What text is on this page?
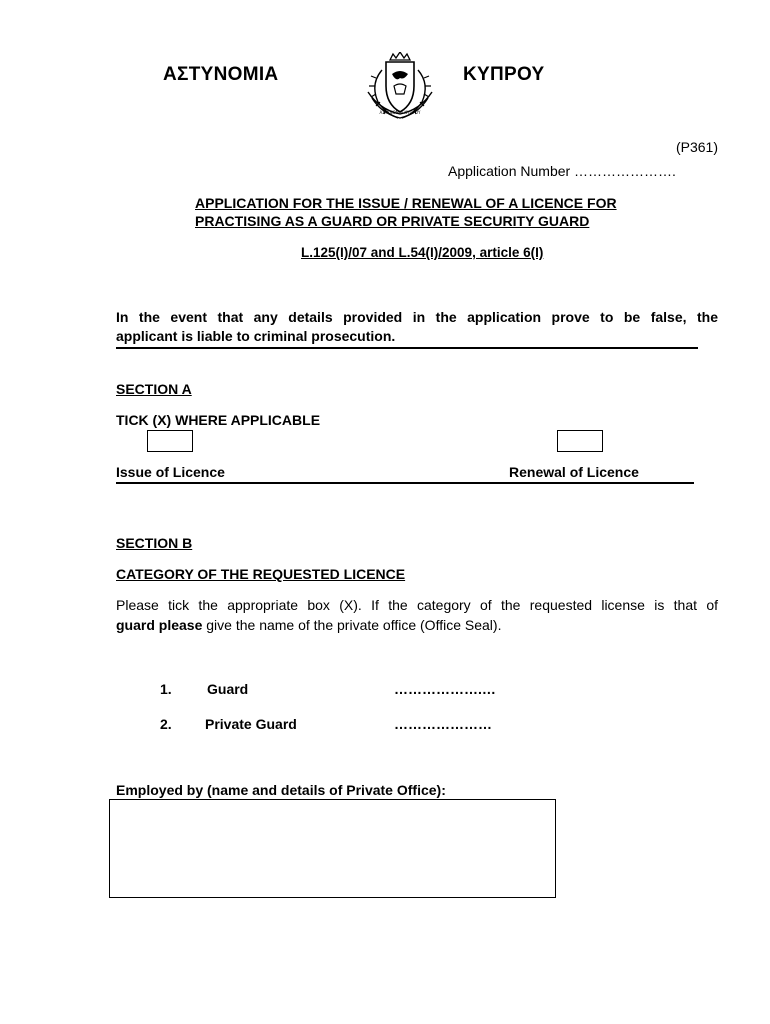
ΑΣΤΥΝΟΜΙΑ
ΑΣΤΥΝΟΜΙΑ ΚΥΠΡΟΥ
ΚΥΠΡΟΥ
(P361)
Application Number ………………….
APPLICATION FOR THE ISSUE / RENEWAL OF A LICENCE FOR
PRACTISING AS A GUARD OR PRIVATE SECURITY GUARD
L.125(I)/07 and L.54(I)/2009, article 6(I)
In the event that any details provided in the application prove to be false, the
applicant is liable to criminal prosecution.
SECTION A
TICK (X) WHERE APPLICABLE
Issue of Licence	Renewal of Licence
SECTION B
CATEGORY OF THE REQUESTED LICENCE
Please tick the appropriate box (X). If the category of the requested license is that of
guard please give the name of the private office (Office Seal).
1.	Guard	……………….…
2. Private Guard	…………………
Employed by (name and details of Private Office):
